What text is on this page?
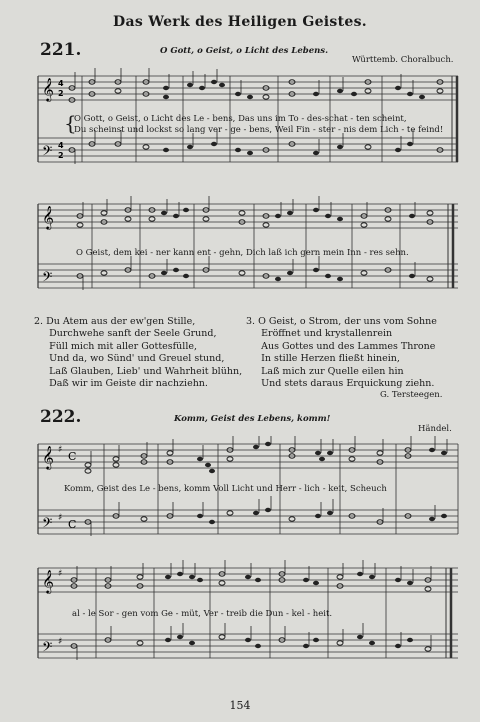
Das Werk des Heiligen Geistes.
221.	O Gott, o Geist, o Licht des Lebens.
Württemb. Choralbuch.
𝄞 4
2
𝄢 4
2
{
O Gott, o Geist, o Licht des Le - bens, Das uns im To - des-schat - ten scheint,
Du scheinst und lockst so lang ver - ge - bens, Weil Fin - ster - nis dem Lich - te feind!
𝄞
𝄢
O Geist, dem kei - ner kann ent - gehn, Dich laß ich gern mein Inn - res sehn.
2. Du Atem aus der ew'gen Stille,
Durchwehe sanft der Seele Grund,
Füll mich mit aller Gottesfülle,
Und da, wo Sünd' und Greuel stund,
Laß Glauben, Lieb' und Wahrheit blühn,
Daß wir im Geiste dir nachziehn.
3. O Geist, o Strom, der uns vom Sohne
Eröffnet und krystallenrein
Aus Gottes und des Lammes Throne
In stille Herzen fließt hinein,
Laß mich zur Quelle eilen hin
Und stets daraus Erquickung ziehn.
G. Tersteegen.
222.	Komm, Geist des Lebens, komm!
Händel.
𝄞 ♯ C
𝄢 ♯ C
Komm, Geist des Le - bens, komm Voll Licht und Herr - lich - keit, Scheuch
𝄞 ♯
𝄢 ♯
al - le Sor - gen vom Ge - müt, Ver - treib die Dun - kel - heit.
154
